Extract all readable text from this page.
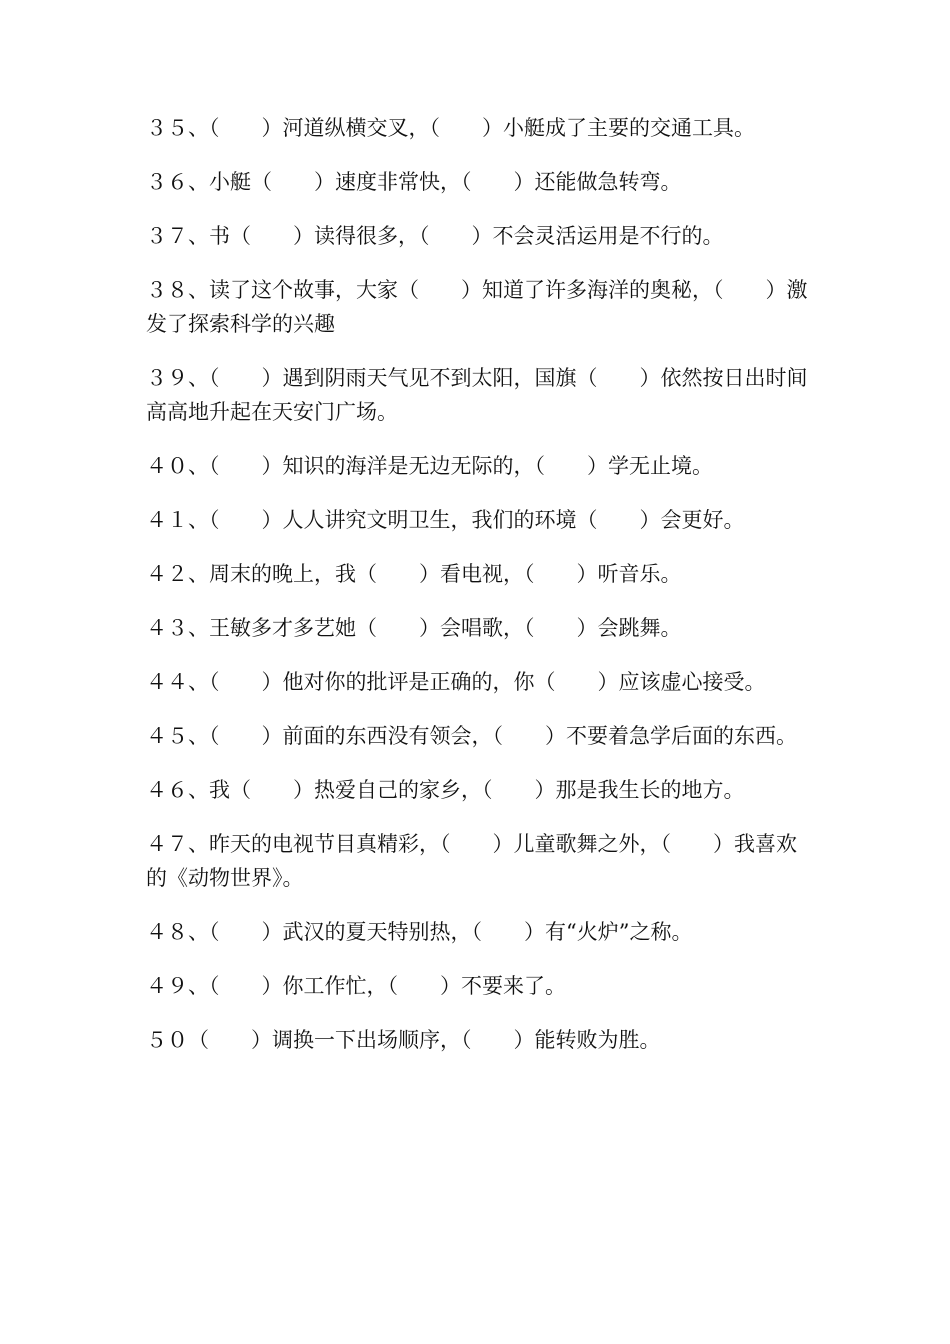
３５、（　　）河道纵横交叉，（　　）小艇成了主要的交通工具。

３６、小艇（　　）速度非常快，（　　）还能做急转弯。

３７、书（　　）读得很多，（　　）不会灵活运用是不行的。

３８、读了这个故事，大家（　　）知道了许多海洋的奥秘，（　　）激发了探索科学的兴趣

３９、（　　）遇到阴雨天气见不到太阳，国旗（　　）依然按日出时间高高地升起在天安门广场。

４０、（　　）知识的海洋是无边无际的，（　　）学无止境。

４１、（　　）人人讲究文明卫生，我们的环境（　　）会更好。

４２、周末的晚上，我（　　）看电视，（　　）听音乐。

４３、王敏多才多艺她（　　）会唱歌，（　　）会跳舞。

４４、（　　）他对你的批评是正确的，你（　　）应该虚心接受。

４５、（　　）前面的东西没有领会，（　　）不要着急学后面的东西。

４６、我（　　）热爱自己的家乡，（　　）那是我生长的地方。

４７、昨天的电视节目真精彩，（　　）儿童歌舞之外，（　　）我喜欢的《动物世界》。

４８、（　　）武汉的夏天特别热，（　　）有“火炉”之称。

４９、（　　）你工作忙，（　　）不要来了。

５０（　　）调换一下出场顺序，（　　）能转败为胜。
